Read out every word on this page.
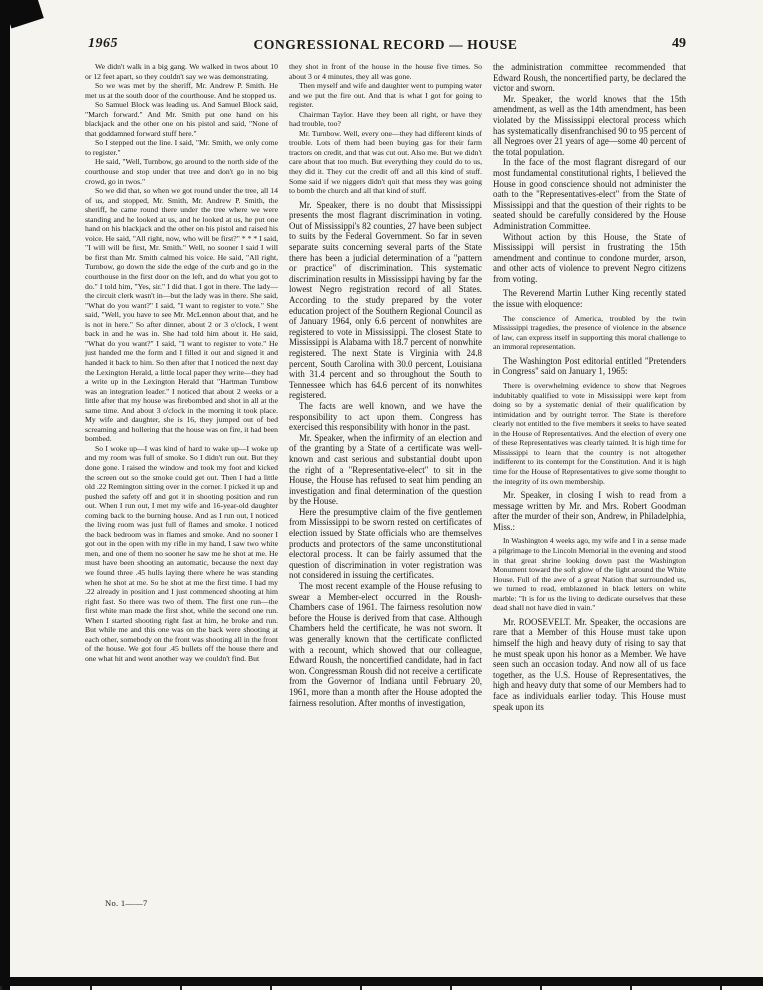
1965	CONGRESSIONAL RECORD — HOUSE	49

We didn't walk in a big gang. We walked in twos about 10 or 12 feet apart, so they couldn't say we was demonstrating.

So we was met by the sheriff, Mr. Andrew P. Smith. He met us at the south door of the courthouse. And he stopped us.

So Samuel Block was leading us. And Samuel Block said, "March forward." And Mr. Smith put one hand on his blackjack and the other one on his pistol and said, "None of that goddamned forward stuff here."

So I stepped out the line. I said, "Mr. Smith, we only come to register."

He said, "Well, Turnbow, go around to the north side of the courthouse and stop under that tree and don't go in no big crowd, go in twos."

So we did that, so when we got round under the tree, all 14 of us, and stopped, Mr. Smith, Mr. Andrew P. Smith, the sheriff, he came round there under the tree where we were standing and he looked at us, and he looked at us, he put one hand on his blackjack and the other on his pistol and raised his voice. He said, "All right, now, who will be first?" * * * I said, "I will will be first, Mr. Smith." Well, no sooner I said I will be first than Mr. Smith calmed his voice. He said, "All right, Turnbow, go down the side the edge of the curb and go in the courthouse in the first door on the left, and do what you got to do." I told him, "Yes, sir." I did that. I got in there. The lady—the circuit clerk wasn't in—but the lady was in there. She said, "What do you want?" I said, "I want to register to vote." She said, "Well, you have to see Mr. McLennon about that, and he is not in here." So after dinner, about 2 or 3 o'clock, I went back in and he was in. She had told him about it. He said, "What do you want?" I said, "I want to register to vote." He just handed me the form and I filled it out and signed it and handed it back to him. So then after that I noticed the next day the Lexington Herald, a little local paper they write—they had a write up in the Lexington Herald that "Hartman Turnbow was an integration leader." I noticed that about 2 weeks or a little after that my house was firebombed and shot in all at the same time. And about 3 o'clock in the morning it took place. My wife and daughter, she is 16, they jumped out of bed screaming and hollering that the house was on fire, it had been bombed.

So I woke up—I was kind of hard to wake up—I woke up and my room was full of smoke. So I didn't run out. But they done gone. I raised the window and took my foot and kicked the screen out so the smoke could get out. Then I had a little old .22 Remington sitting over in the corner. I picked it up and pushed the safety off and got it in shooting position and run out. When I run out, I met my wife and 16-year-old daughter coming back to the burning house. And as I run out, I noticed the living room was just full of flames and smoke. I noticed the back bedroom was in flames and smoke. And no sooner I got out in the open with my rifle in my hand, I saw two white men, and one of them no sooner he saw me he shot at me. He must have been shooting an automatic, because the next day we found three .45 hulls laying there where he was standing when he shot at me. So he shot at me the first time. I had my .22 already in position and I just commenced shooting at him right fast. So there was two of them. The first one run—the first white man made the first shot, while the second one run. When I started shooting right fast at him, he broke and run. But while me and this one was on the back were shooting at each other, somebody on the front was shooting all in the front of the house. We got four .45 bullets off the house there and one what hit and went another way we couldn't find. But

they shot in front of the house in the house five times. So about 3 or 4 minutes, they all was gone.

Then myself and wife and daughter went to pumping water and we put the fire out. And that is what I got for going to register.

Chairman Taylor. Have they been all right, or have they had trouble, too?

Mr. Turnbow. Well, every one—they had different kinds of trouble. Lots of them had been buying gas for their farm tractors on credit, and that was cut out. Also me. But we didn't care about that too much. But everything they could do to us, they did it. They cut the credit off and all this kind of stuff. Some said if we niggers didn't quit that mess they was going to bomb the church and all that kind of stuff.

Mr. Speaker, there is no doubt that Mississippi presents the most flagrant discrimination in voting. Out of Mississippi's 82 counties, 27 have been subject to suits by the Federal Government. So far in seven separate suits concerning several parts of the State there has been a judicial determination of a "pattern or practice" of discrimination. This systematic discrimination results in Mississippi having by far the lowest Negro registration record of all States. According to the study prepared by the voter education project of the Southern Regional Council as of January 1964, only 6.6 percent of nonwhites are registered to vote in Mississippi. The closest State to Mississippi is Alabama with 18.7 percent of nonwhite registered. The next State is Virginia with 24.8 percent, South Carolina with 30.0 percent, Louisiana with 31.4 percent and so throughout the South to Tennessee which has 64.6 percent of its nonwhites registered.

The facts are well known, and we have the responsibility to act upon them. Congress has exercised this responsibility with honor in the past.

Mr. Speaker, when the infirmity of an election and of the granting by a State of a certificate was well-known and cast serious and substantial doubt upon the right of a "Representative-elect" to sit in the House, the House has refused to seat him pending an investigation and final determination of the question by the House.

Here the presumptive claim of the five gentlemen from Mississippi to be sworn rested on certificates of election issued by State officials who are themselves products and protectors of the same unconstitutional electoral process. It can be fairly assumed that the question of discrimination in voter registration was not considered in issuing the certificates.

The most recent example of the House refusing to swear a Member-elect occurred in the Roush-Chambers case of 1961. The fairness resolution now before the House is derived from that case. Although Chambers held the certificate, he was not sworn. It was generally known that the certificate conflicted with a recount, which showed that our colleague, Edward Roush, the noncertified candidate, had in fact won. Congressman Roush did not receive a certificate from the Governor of Indiana until February 20, 1961, more than a month after the House adopted the fairness resolution. After months of investigation,

the administration committee recommended that Edward Roush, the noncertified party, be declared the victor and sworn.

Mr. Speaker, the world knows that the 15th amendment, as well as the 14th amendment, has been violated by the Mississippi electoral process which has systematically disenfranchised 90 to 95 percent of all Negroes over 21 years of age—some 40 percent of the total population.

In the face of the most flagrant disregard of our most fundamental constitutional rights, I believed the House in good conscience should not administer the oath to the "Representatives-elect" from the State of Mississippi and that the question of their rights to be seated should be carefully considered by the House Administration Committee.

Without action by this House, the State of Mississippi will persist in frustrating the 15th amendment and continue to condone murder, arson, and other acts of violence to prevent Negro citizens from voting.

The Reverend Martin Luther King recently stated the issue with eloquence:

The conscience of America, troubled by the twin Mississippi tragedies, the presence of violence in the absence of law, can express itself in supporting this moral challenge to an immoral representation.

The Washington Post editorial entitled "Pretenders in Congress" said on January 1, 1965:

There is overwhelming evidence to show that Negroes indubitably qualified to vote in Mississippi were kept from doing so by a systematic denial of their qualification by intimidation and by outright terror. The State is therefore clearly not entitled to the five members it seeks to have seated in the House of Representatives. And the election of every one of these Representatives was clearly tainted. It is high time for Mississippi to learn that the country is not altogether indifferent to its contempt for the Constitution. And it is high time for the House of Representatives to give some thought to the integrity of its own membership.

Mr. Speaker, in closing I wish to read from a message written by Mr. and Mrs. Robert Goodman after the murder of their son, Andrew, in Philadelphia, Miss.:

In Washington 4 weeks ago, my wife and I in a sense made a pilgrimage to the Lincoln Memorial in the evening and stood in that great shrine looking down past the Washington Monument toward the soft glow of the light around the White House. Full of the awe of a great Nation that surrounded us, we turned to read, emblazoned in black letters on white marble: "It is for us the living to dedicate ourselves that these dead shall not have died in vain."

Mr. ROOSEVELT. Mr. Speaker, the occasions are rare that a Member of this House must take upon himself the high and heavy duty of rising to say that he must speak upon his honor as a Member. We have seen such an occasion today. And now all of us face together, as the U.S. House of Representatives, the high and heavy duty that some of our Members had to face as individuals earlier today. This House must speak upon its

No. 1——7
